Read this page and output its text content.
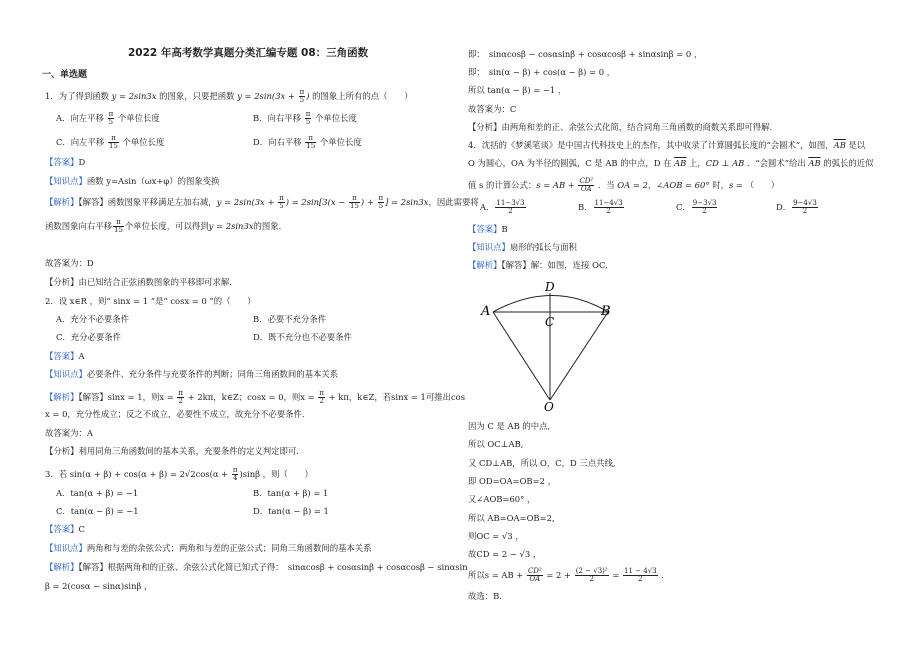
2022 年高考数学真题分类汇编专题 08：三角函数
一、单选题
1．为了得到函数 y = 2sin3x 的图象，只要把函数 $y = 2\sin(3x + \frac{\pi}{5}$ ) 的图象上所有的点（　　）
A．向左平移 $\frac{\pi}{5}$ 个单位长度	B．向右平移 $\frac{\pi}{5}$ 个单位长度
C．向左平移 $\frac{\pi}{15}$ 个单位长度	D．向右平移 $\frac{\pi}{15}$ 个单位长度
【答案】D
【知识点】函数 y=Asin（ωx+φ）的图象变换
【解析】【解答】函数图象平移满足左加右减，$y = 2\sin(3x + \frac{\pi}{5}$ ) = $2\sin[3(x - \frac{\pi}{15}$ ) + $\frac{\pi}{5}$ ] = 2sin3x，因此需要将
函数图象向右平移 $\frac{\pi}{15}$ 个单位长度，可以得到y = 2sin3x的图象.
故答案为：D
【分析】由已知结合正弦函数图象的平移即可求解.
2．设 x∈R ，则“ sinx = 1 ”是“ cosx = 0 ”的（　　）
A．充分不必要条件	B．必要不充分条件
C．充分必要条件	D．既不充分也不必要条件
【答案】A
【知识点】必要条件、充分条件与充要条件的判断；同角三角函数间的基本关系
【解析】【解答】sinx = 1，则$x = \frac{\pi}{2} + 2k\pi$，k∈Z；cosx = 0，则$x = \frac{\pi}{2} + k\pi$，k∈Z，若sinx = 1可推出cos
x = 0，充分性成立；反之不成立，必要性不成立，故充分不必要条件.
故答案为：A
【分析】利用同角三角函数间的基本关系，充要条件的定义判定即可.
3．若 $\sin(\alpha + \beta) + \cos(\alpha + \beta) = 2√2\cos(\alpha + \frac{\pi}{4} )\sin\beta$ ，则（　　）
A．tan(α + β) = −1	B．tan(α + β) = 1
C．tan(α − β) = −1	D．tan(α − β) = 1
【答案】C
【知识点】两角和与差的余弦公式；两角和与差的正弦公式；同角三角函数间的基本关系
【解析】【解答】根据两角和的正弦、余弦公式化简已知式子得：　sinαcosβ + cosαsinβ + cosαcosβ − sinαsin
β = 2(cosα − sinα)sinβ ，
即：　sinαcosβ − cosαsinβ + cosαcosβ + sinαsinβ = 0 ，
即：　sin(α − β) + cos(α − β) = 0 ，
所以 tan(α − β) = −1 ，
故答案为：C
【分析】由两角和差的正、余弦公式化简，结合同角三角函数的商数关系即可得解.
4．沈括的《梦溪笔谈》是中国古代科技史上的杰作，其中收录了计算圆弧长度的“会圆术”，如图，$\overline{AB}$ 是以
O 为圆心，OA 为半径的圆弧，C 是 AB 的中点，D 在 $\overline{AB}$ 上，CD ⊥ AB ．“会圆术”给出 $\overline{AB}$ 的弧长的近似
值 s 的计算公式：s = AB + $\frac{\text{CD²}}{OA}$ ．当 OA = 2，∠AOB = 60° 时，s = （　　）
A． $\frac{11-3√3}{2}$	B． $\frac{11-4√3}{2}$	C． $\frac{9-3√3}{2}$	D． $\frac{9-4√3}{2}$
【答案】B
【知识点】扇形的弧长与面积
【解析】【解答】解：如图，连接 OC,
A	B
D
C
O
因为 C 是 AB 的中点,
所以 OC⊥AB,
又 CD⊥AB，所以 O，C，D 三点共线,
即 OD=OA=OB=2 ，
又∠AOB=60° ，
所以 AB=OA=OB=2,
则OC = √3 ，
故CD = 2 − √3 ，
所以s = AB + $\frac{\text{CD²}}{OA} = 2 + \frac{\text{(2 − √3)²}}{2} = \frac{11 - 4√3}{2}$ .
故选：B.
